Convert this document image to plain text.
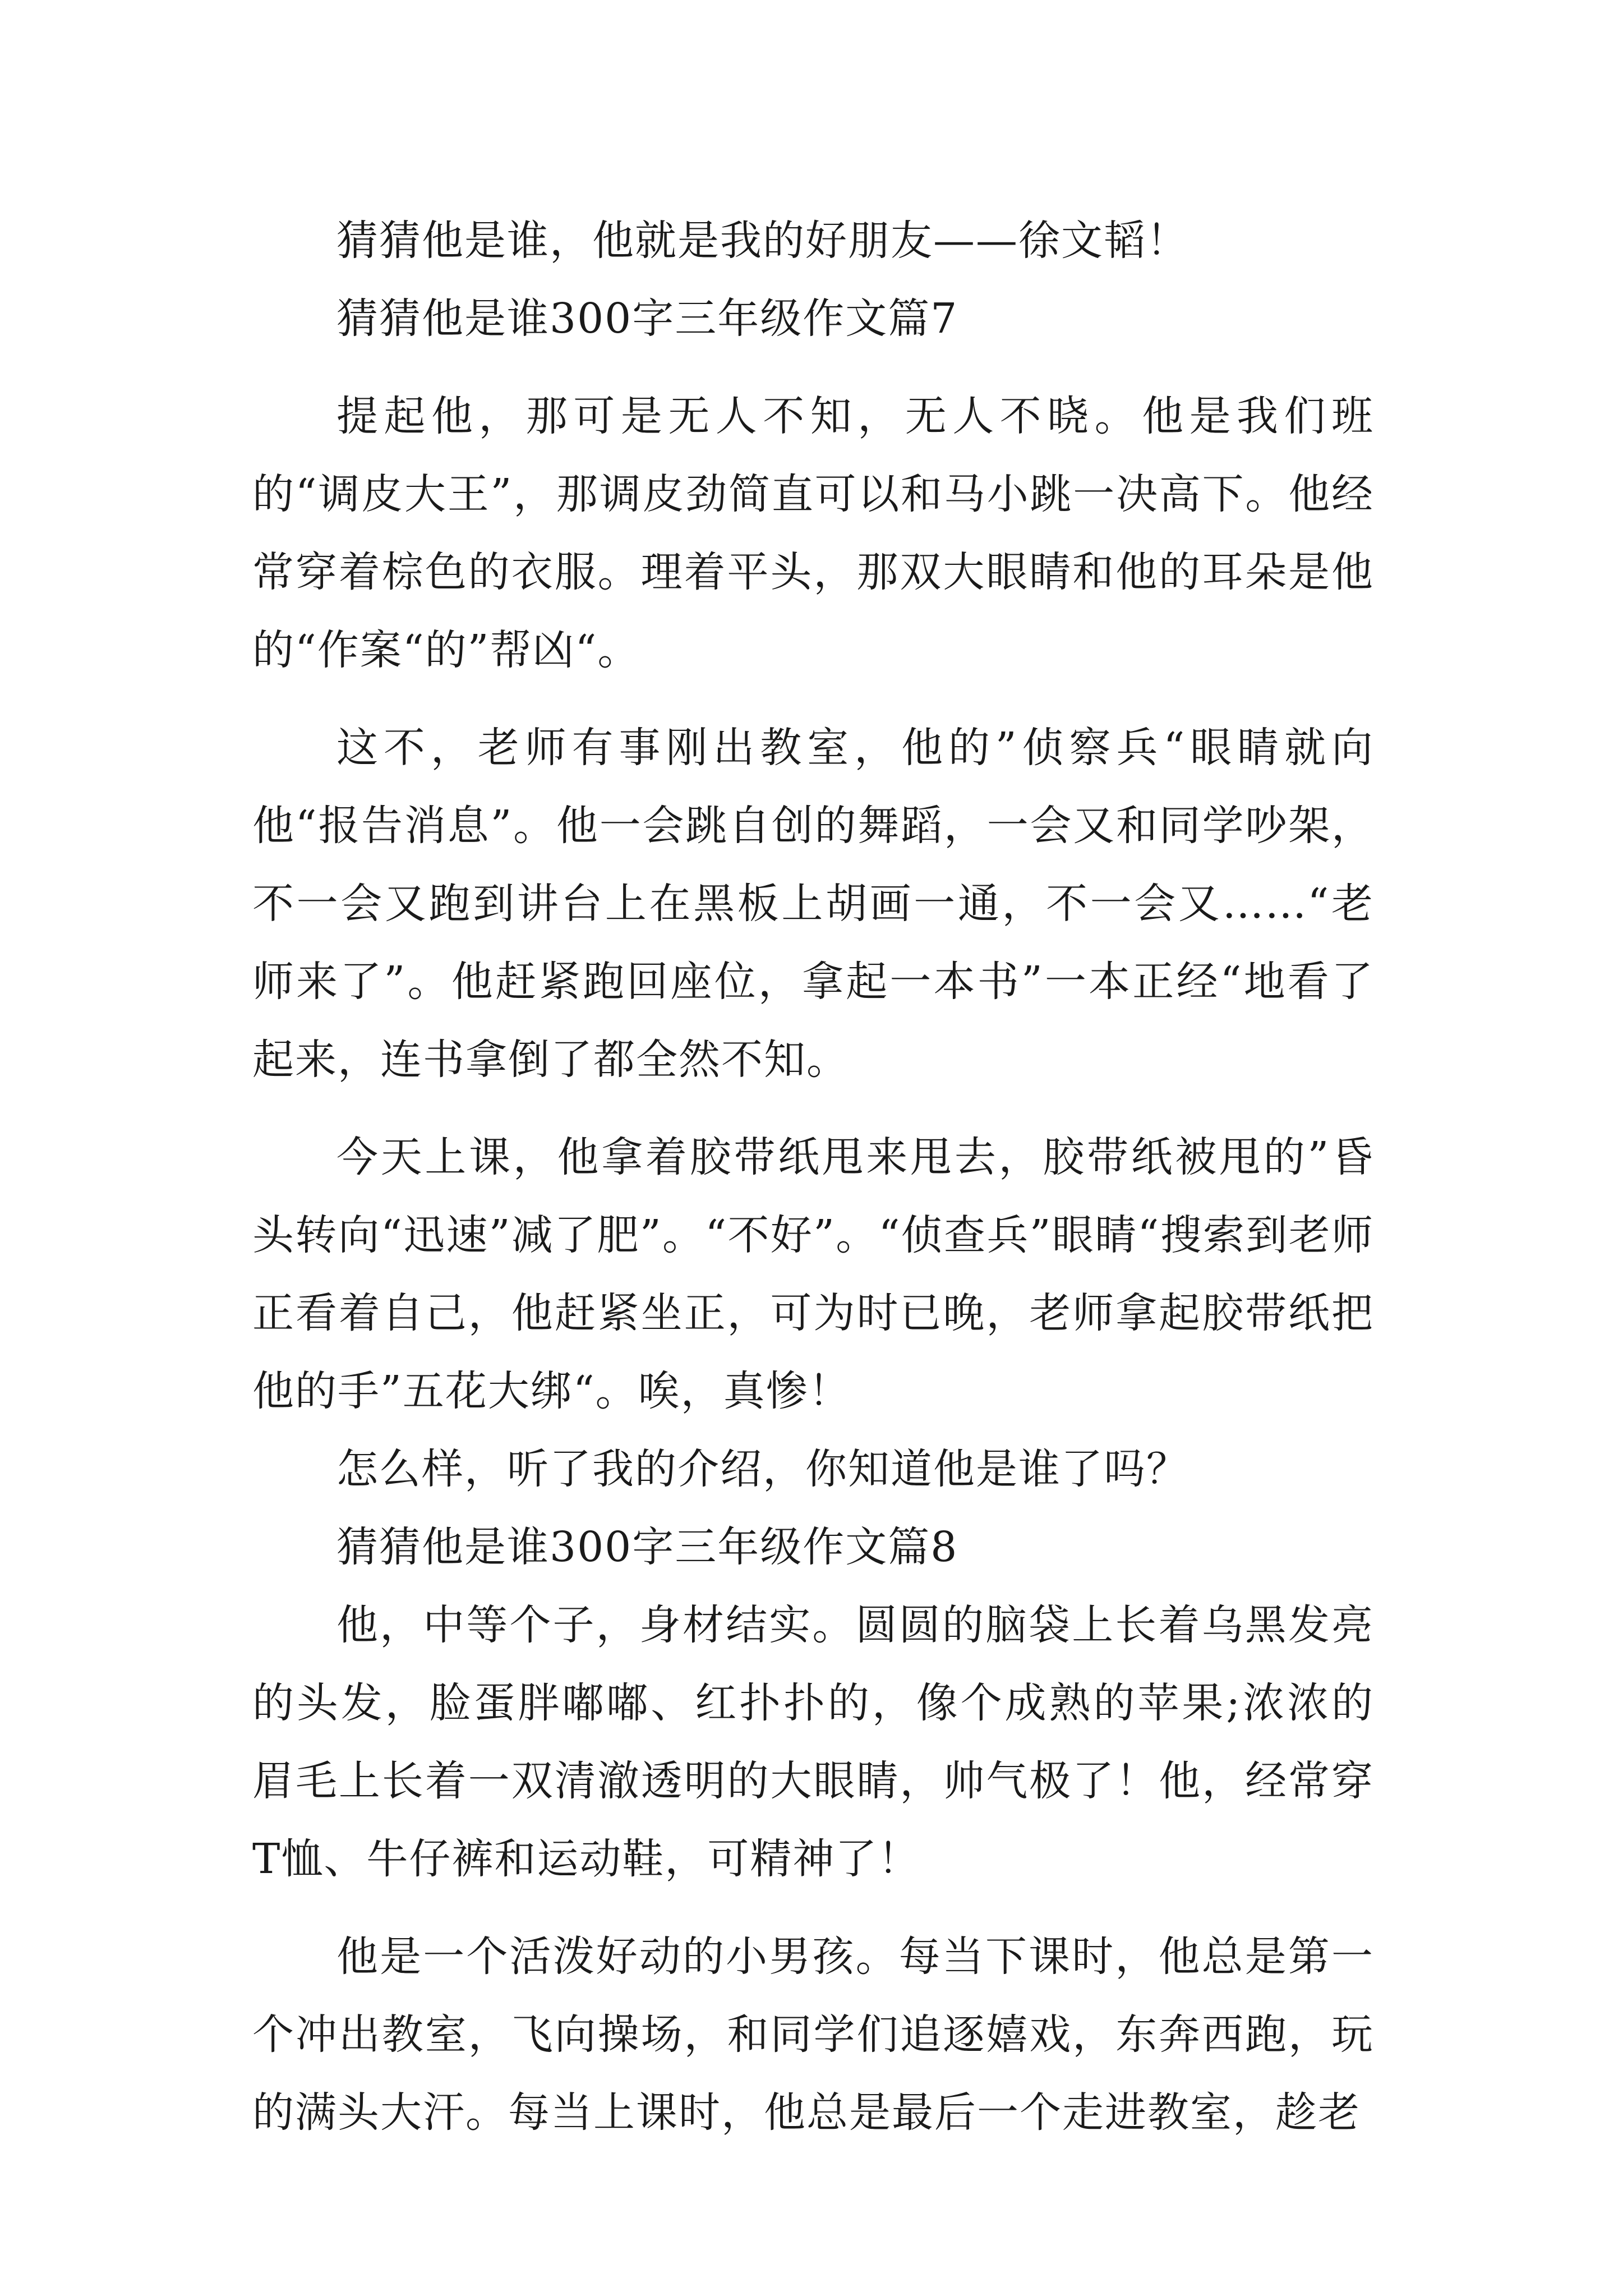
猜猜他是谁，他就是我的好朋友——徐文韬！

猜猜他是谁300字三年级作文篇7

提起他，那可是无人不知，无人不晓。他是我们班的“调皮大王”，那调皮劲简直可以和马小跳一决高下。他经常穿着棕色的衣服。理着平头，那双大眼睛和他的耳朵是他的“作案“的”帮凶“。

这不，老师有事刚出教室，他的”侦察兵“眼睛就向他“报告消息”。他一会跳自创的舞蹈，一会又和同学吵架，不一会又跑到讲台上在黑板上胡画一通，不一会又……“老师来了”。他赶紧跑回座位，拿起一本书”一本正经“地看了起来，连书拿倒了都全然不知。

今天上课，他拿着胶带纸甩来甩去，胶带纸被甩的”昏头转向“迅速”减了肥”。“不好”。“侦查兵”眼睛“搜索到老师正看着自己，他赶紧坐正，可为时已晚，老师拿起胶带纸把他的手”五花大绑“。唉，真惨！

怎么样，听了我的介绍，你知道他是谁了吗？

猜猜他是谁300字三年级作文篇8

他，中等个子，身材结实。圆圆的脑袋上长着乌黑发亮的头发，脸蛋胖嘟嘟、红扑扑的，像个成熟的苹果;浓浓的眉毛上长着一双清澈透明的大眼睛，帅气极了！他，经常穿T恤、牛仔裤和运动鞋，可精神了！

他是一个活泼好动的小男孩。每当下课时，他总是第一个冲出教室，飞向操场，和同学们追逐嬉戏，东奔西跑，玩的满头大汗。每当上课时，他总是最后一个走进教室，趁老
